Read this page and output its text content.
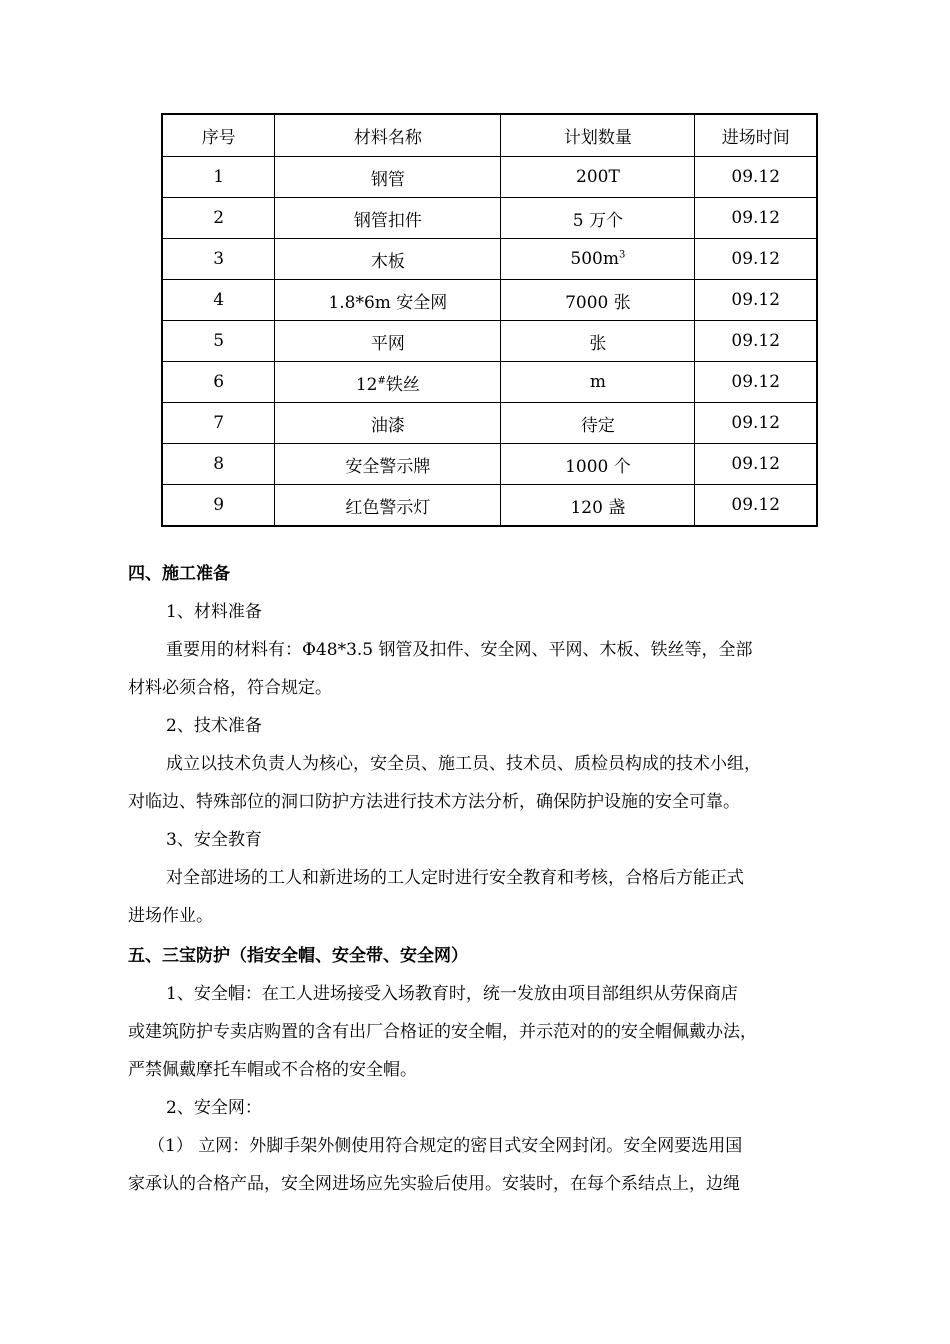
序号	材料名称	计划数量	进场时间
1	钢管	200T	09.12
2	钢管扣件	5 万个	09.12
3	木板	$500m^3$	09.12
4	1.8*6m 安全网	7000 张	09.12
5	平网	张	09.12
6	12#铁丝	m	09.12
7	油漆	待定	09.12
8	安全警示牌	1000 个	09.12
9	红色警示灯	120 盏	09.12
四、施工准备
1、材料准备
重要用的材料有：Φ48*3.5 钢管及扣件、安全网、平网、木板、铁丝等，全部
材料必须合格，符合规定。
2、技术准备
成立以技术负责人为核心，安全员、施工员、技术员、质检员构成的技术小组，
对临边、特殊部位的洞口防护方法进行技术方法分析，确保防护设施的安全可靠。
3、安全教育
对全部进场的工人和新进场的工人定时进行安全教育和考核，合格后方能正式
进场作业。
五、三宝防护（指安全帽、安全带、安全网）
1、安全帽：在工人进场接受入场教育时，统一发放由项目部组织从劳保商店
或建筑防护专卖店购置的含有出厂合格证的安全帽，并示范对的的安全帽佩戴办法，
严禁佩戴摩托车帽或不合格的安全帽。
2、安全网：
（1） 立网：外脚手架外侧使用符合规定的密目式安全网封闭。安全网要选用国
家承认的合格产品，安全网进场应先实验后使用。安装时，在每个系结点上，边绳
